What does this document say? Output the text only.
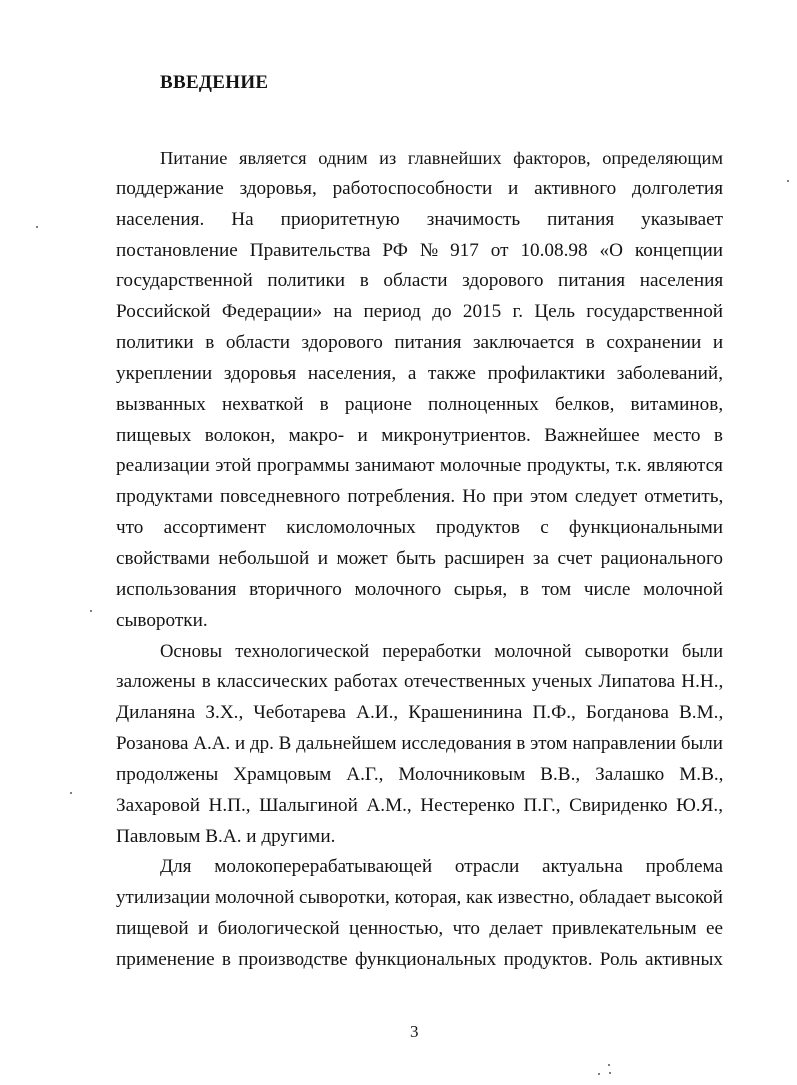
ВВЕДЕНИЕ

Питание является одним из главнейших факторов, определяющим
поддержание здоровья, работоспособности и активного долголетия
населения. На приоритетную значимость питания указывает
постановление Правительства РФ № 917 от 10.08.98 «О концепции
государственной политики в области здорового питания населения
Российской Федерации» на период до 2015 г. Цель государственной
политики в области здорового питания заключается в сохранении и
укреплении здоровья населения, а также профилактики заболеваний,
вызванных нехваткой в рационе полноценных белков, витаминов,
пищевых волокон, макро- и микронутриентов. Важнейшее место в
реализации этой программы занимают молочные продукты, т.к. являются
продуктами повседневного потребления. Но при этом следует отметить,
что ассортимент кисломолочных продуктов с функциональными
свойствами небольшой и может быть расширен за счет рационального
использования вторичного молочного сырья, в том числе молочной
сыворотки.

Основы технологической переработки молочной сыворотки были
заложены в классических работах отечественных ученых Липатова Н.Н.,
Диланяна З.Х., Чеботарева А.И., Крашенинина П.Ф., Богданова В.М.,
Розанова А.А. и др. В дальнейшем исследования в этом направлении были
продолжены Храмцовым А.Г., Молочниковым В.В., Залашко М.В.,
Захаровой Н.П., Шалыгиной А.М., Нестеренко П.Г., Свириденко Ю.Я.,
Павловым В.А. и другими.

Для молокоперерабатывающей отрасли актуальна проблема
утилизации молочной сыворотки, которая, как известно, обладает высокой
пищевой и биологической ценностью, что делает привлекательным ее
применение в производстве функциональных продуктов. Роль активных

3
